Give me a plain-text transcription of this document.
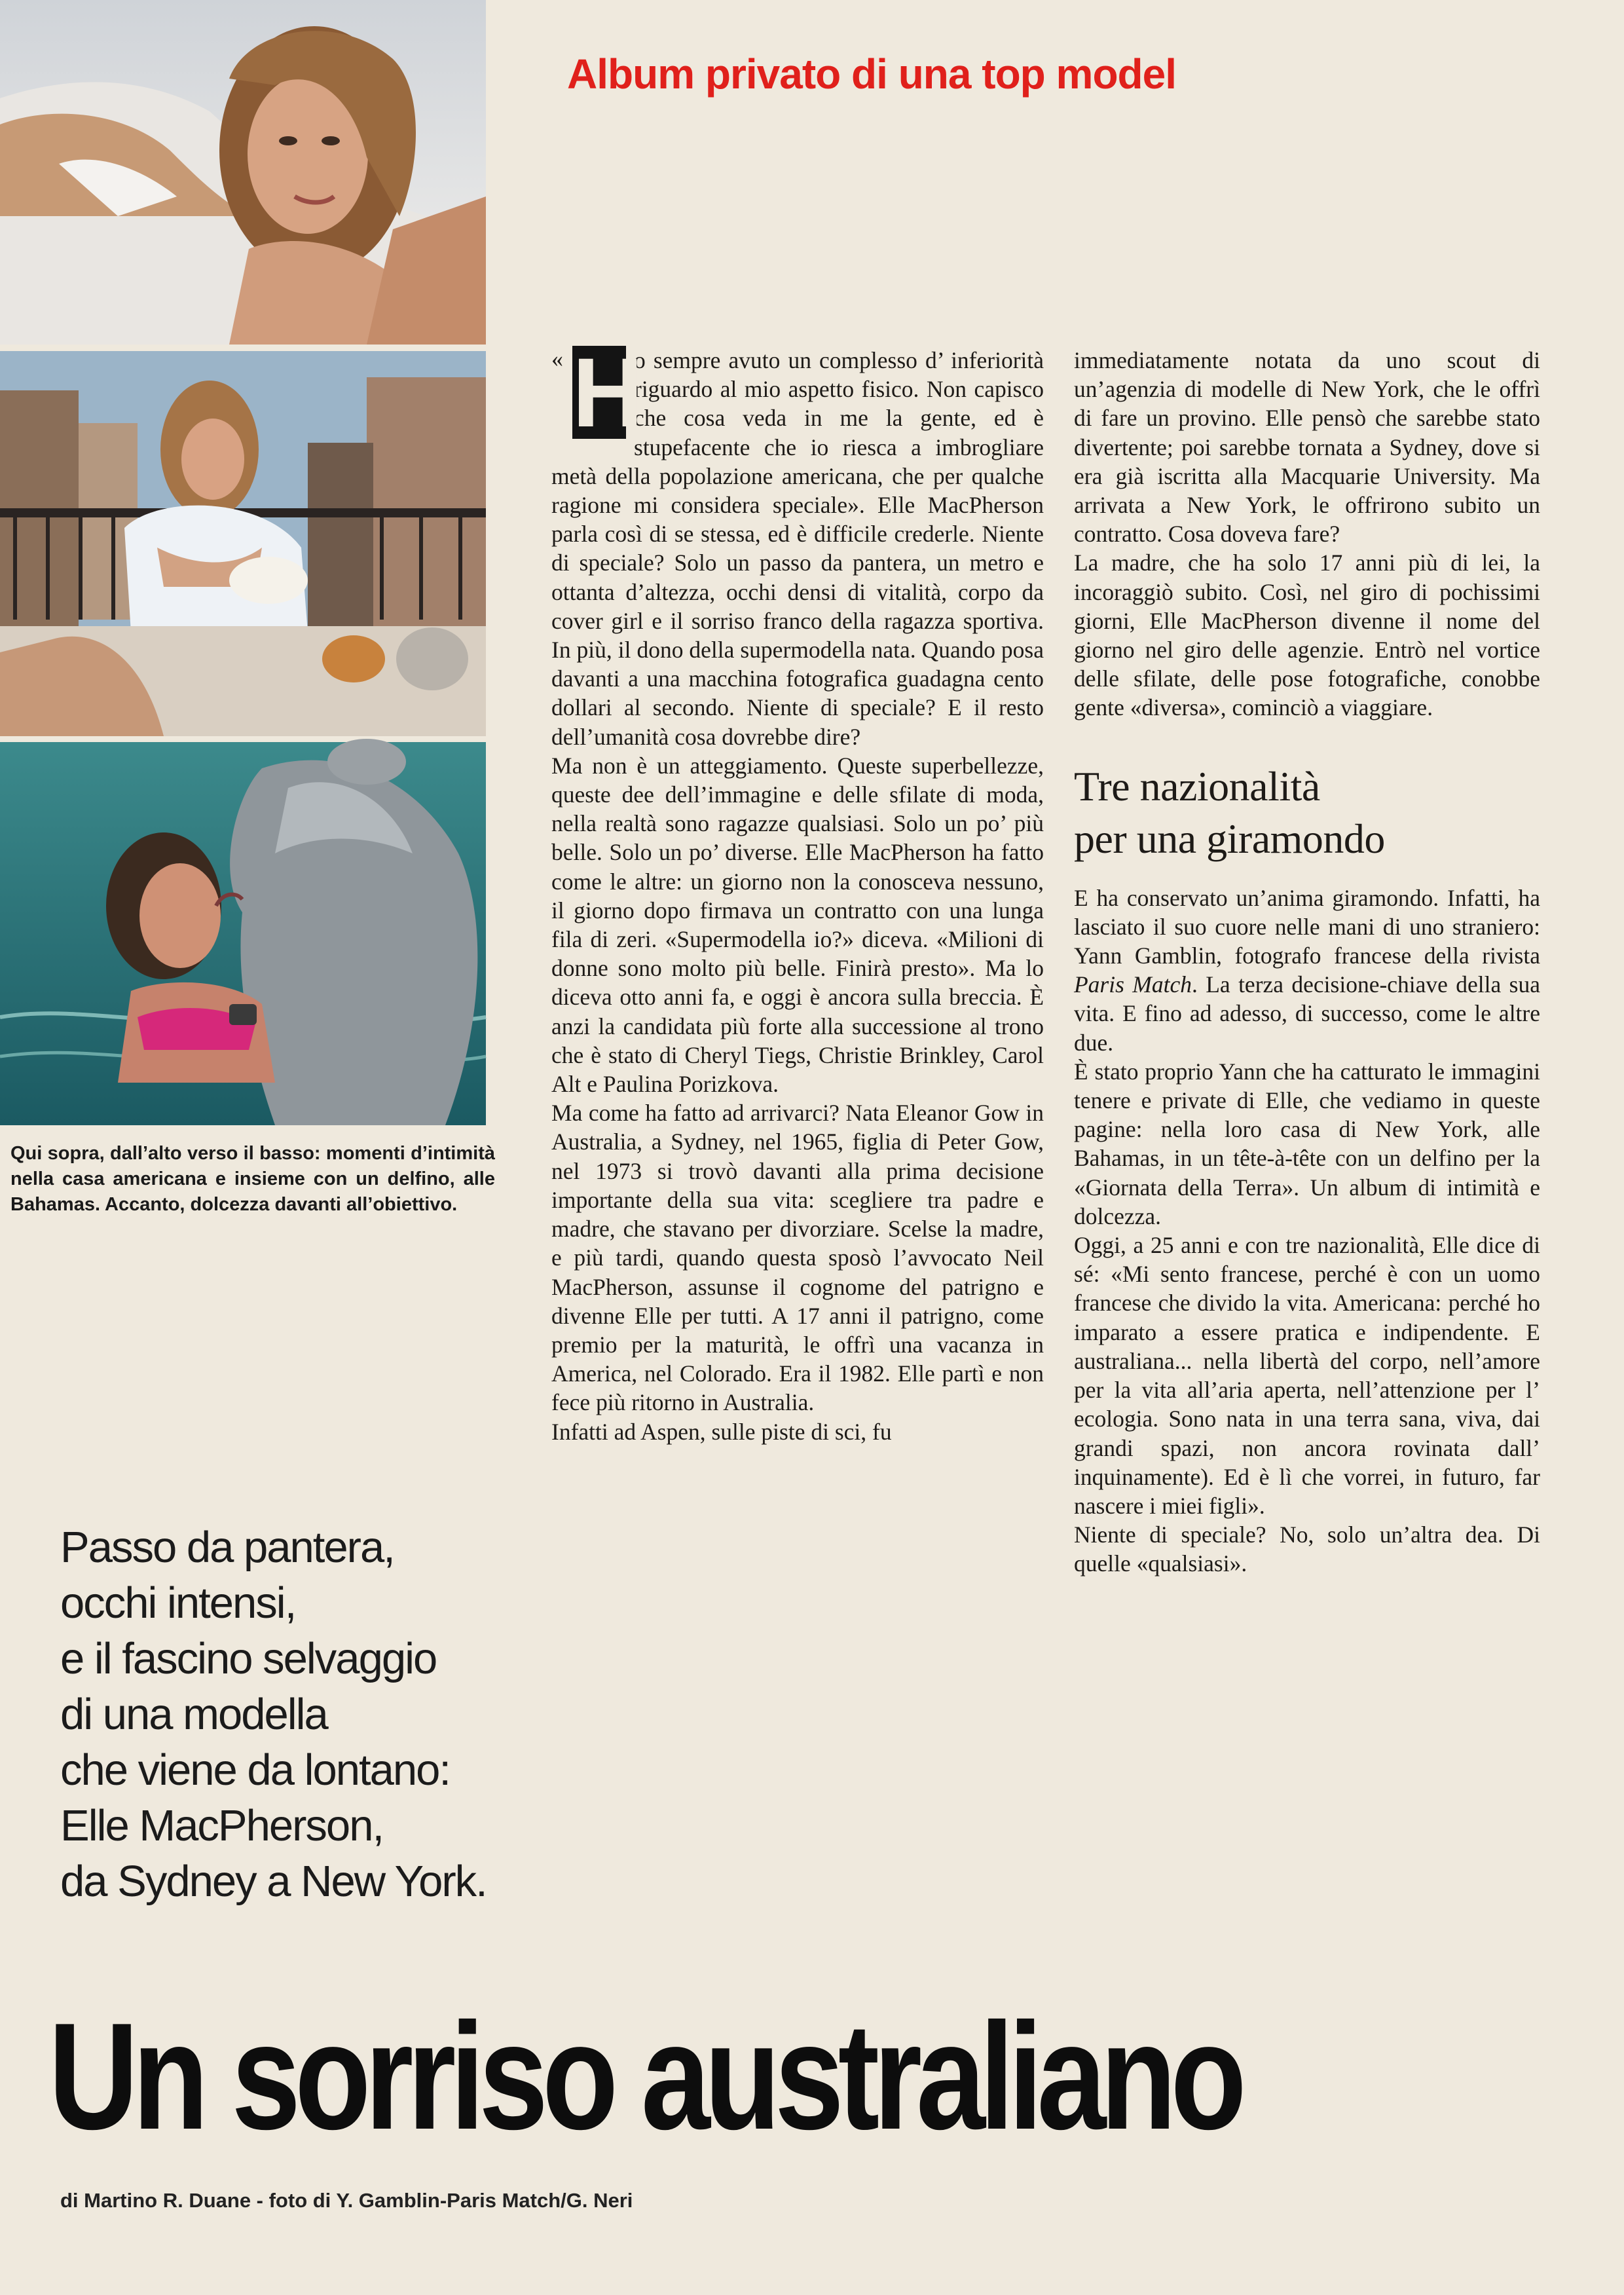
Qui sopra, dall’alto verso il basso: momenti d’intimità nella casa americana e insieme con un delfino, alle Bahamas. Accanto, dolcezza davanti all’obiettivo.
Album privato di una top model
« H

o sempre avuto un complesso d’ inferiorità riguardo al mio aspetto fisico. Non capisco che cosa veda in me la gente, ed è stupefacente che io riesca a imbrogliare metà della popolazione americana, che per qualche ragione mi considera speciale». Elle MacPherson parla così di se stessa, ed è difficile crederle. Niente di speciale? Solo un passo da pantera, un metro e ottanta d’altezza, occhi densi di vitalità, corpo da cover girl e il sorriso franco della ragazza sportiva. In più, il dono della supermodella nata. Quando posa davanti a una macchina fotografica guadagna cento dollari al secondo. Niente di speciale? E il resto dell’umanità cosa dovrebbe dire?

Ma non è un atteggiamento. Queste superbellezze, queste dee dell’immagine e delle sfilate di moda, nella realtà sono ragazze qualsiasi. Solo un po’ più belle. Solo un po’ diverse. Elle MacPherson ha fatto come le altre: un giorno non la conosceva nessuno, il giorno dopo firmava un contratto con una lunga fila di zeri. «Supermodella io?» diceva. «Milioni di donne sono molto più belle. Finirà presto». Ma lo diceva otto anni fa, e oggi è ancora sulla breccia. È anzi la candidata più forte alla successione al trono che è stato di Cheryl Tiegs, Christie Brinkley, Carol Alt e Paulina Porizkova.

Ma come ha fatto ad arrivarci? Nata Eleanor Gow in Australia, a Sydney, nel 1965, figlia di Peter Gow, nel 1973 si trovò davanti alla prima decisione importante della sua vita: scegliere tra padre e madre, che stavano per divorziare. Scelse la madre, e più tardi, quando questa sposò l’avvocato Neil MacPherson, assunse il cognome del patrigno e divenne Elle per tutti. A 17 anni il patrigno, come premio per la maturità, le offrì una vacanza in America, nel Colorado. Era il 1982. Elle partì e non fece più ritorno in Australia.

Infatti ad Aspen, sulle piste di sci, fu

immediatamente notata da uno scout di un’agenzia di modelle di New York, che le offrì di fare un provino. Elle pensò che sarebbe stato divertente; poi sarebbe tornata a Sydney, dove si era già iscritta alla Macquarie University. Ma arrivata a New York, le offrirono subito un contratto. Cosa doveva fare?

La madre, che ha solo 17 anni più di lei, la incoraggiò subito. Così, nel giro di pochissimi giorni, Elle MacPherson divenne il nome del giorno nel giro delle agenzie. Entrò nel vortice delle sfilate, delle pose fotografiche, conobbe gente «diversa», cominciò a viaggiare.

Tre nazionalità
per una giramondo

E ha conservato un’anima giramondo. Infatti, ha lasciato il suo cuore nelle mani di uno straniero: Yann Gamblin, fotografo francese della rivista Paris Match. La terza decisione-chiave della sua vita. E fino ad adesso, di successo, come le altre due.

È stato proprio Yann che ha catturato le immagini tenere e private di Elle, che vediamo in queste pagine: nella loro casa di New York, alle Bahamas, in un tête-à-tête con un delfino per la «Giornata della Terra». Un album di intimità e dolcezza.

Oggi, a 25 anni e con tre nazionalità, Elle dice di sé: «Mi sento francese, perché è con un uomo francese che divido la vita. Americana: perché ho imparato a essere pratica e indipendente. E australiana... nella libertà del corpo, nell’amore per la vita all’aria aperta, nell’attenzione per l’ ecologia. Sono nata in una terra sana, viva, dai grandi spazi, non ancora rovinata dall’ inquinamente). Ed è lì che vorrei, in futuro, far nascere i miei figli».

Niente di speciale? No, solo un’altra dea. Di quelle «qualsiasi».

Passo da pantera,
occhi intensi,
e il fascino selvaggio
di una modella
che viene da lontano:
Elle MacPherson,
da Sydney a New York.
Un sorriso australiano
di Martino R. Duane - foto di Y. Gamblin-Paris Match/G. Neri
